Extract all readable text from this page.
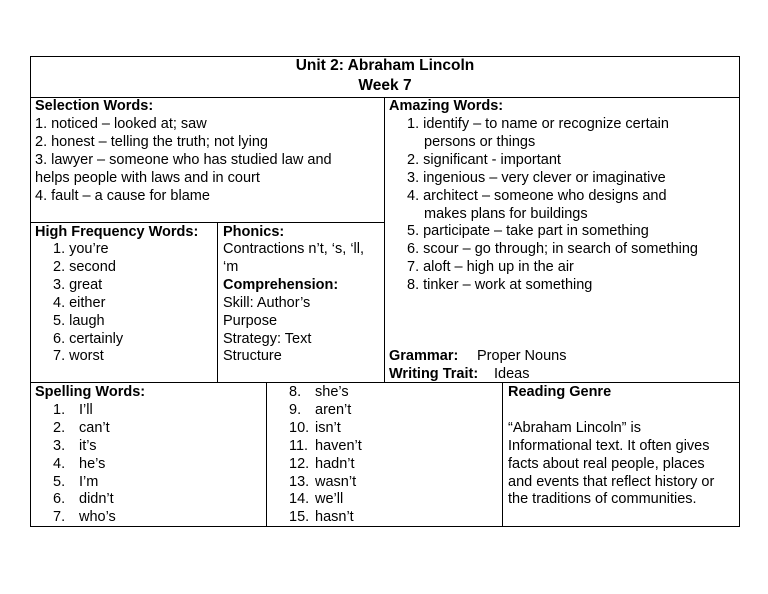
Unit 2: Abraham Lincoln
Week 7
Selection Words:
1. noticed – looked at; saw
2. honest – telling the truth; not lying
3. lawyer – someone who has studied law and
helps people with laws and in court
4. fault – a cause for blame
Amazing Words:
1. identify – to name or recognize certain
persons or things
2. significant - important
3. ingenious – very clever or imaginative
4. architect – someone who designs and
makes plans for buildings
5. participate – take part in something
6. scour – go through; in search of something
7. aloft – high up in the air
8. tinker – work at something
Grammar: Proper Nouns
Writing Trait: Ideas
High Frequency Words:
1. you’re
2. second
3. great
4. either
5. laugh
6. certainly
7. worst
Phonics:
Contractions n’t, ‘s, ‘ll,
‘m
Comprehension:
Skill: Author’s
Purpose
Strategy: Text
Structure
Spelling Words:
1. I’ll
2. can’t
3. it’s
4. he’s
5. I’m
6. didn’t
7. who’s
8. she’s
9. aren’t
10. isn’t
11. haven’t
12. hadn’t
13. wasn’t
14. we’ll
15. hasn’t
Reading Genre
“Abraham Lincoln” is
Informational text. It often gives
facts about real people, places
and events that reflect history or
the traditions of communities.
